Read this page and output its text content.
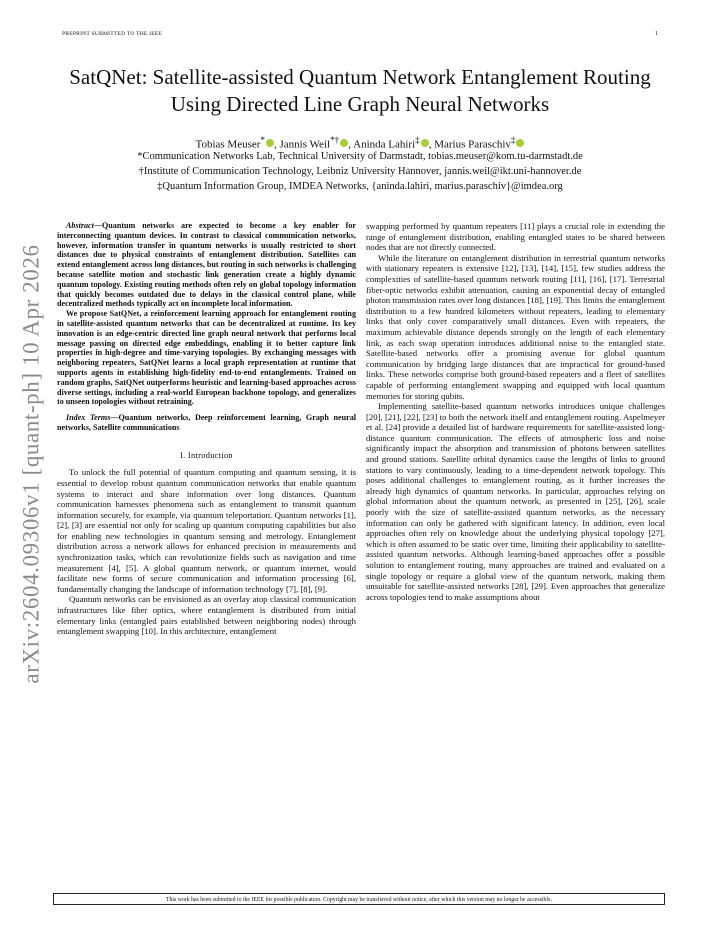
PREPRINT SUBMITTED TO THE IEEE	1
arXiv:2604.09306v1 [quant-ph] 10 Apr 2026
SatQNet: Satellite-assisted Quantum Network Entanglement Routing
Using Directed Line Graph Neural Networks
Tobias Meuser* , Jannis Weil*† , Aninda Lahiri‡ , Marius Paraschiv‡
*Communication Networks Lab, Technical University of Darmstadt, tobias.meuser@kom.tu-darmstadt.de
†Institute of Communication Technology, Leibniz University Hannover, jannis.weil@ikt.uni-hannover.de
‡Quantum Information Group, IMDEA Networks, {aninda.lahiri, marius.paraschiv}@imdea.org

Abstract—Quantum networks are expected to become a key enabler for interconnecting quantum devices. In contrast to classical communication networks, however, information transfer in quantum networks is usually restricted to short distances due to physical constraints of entanglement distribution. Satellites can extend entanglement across long distances, but routing in such networks is challenging because satellite motion and stochastic link generation create a highly dynamic quantum topology. Existing routing methods often rely on global topology information that quickly becomes outdated due to delays in the classical control plane, while decentralized methods typically act on incomplete local information.

We propose SatQNet, a reinforcement learning approach for entanglement routing in satellite-assisted quantum networks that can be decentralized at runtime. Its key innovation is an edge-centric directed line graph neural network that performs local message passing on directed edge embeddings, enabling it to better capture link properties in high-degree and time-varying topologies. By exchanging messages with neighboring repeaters, SatQNet learns a local graph representation at runtime that supports agents in establishing high-fidelity end-to-end entanglements. Trained on random graphs, SatQNet outperforms heuristic and learning-based approaches across diverse settings, including a real-world European backbone topology, and generalizes to unseen topologies without retraining.

Index Terms—Quantum networks, Deep reinforcement learning, Graph neural networks, Satellite communications

I. Introduction

To unlock the full potential of quantum computing and quantum sensing, it is essential to develop robust quantum communication networks that enable quantum systems to interact and share information over long distances. Quantum communication harnesses phenomena such as entanglement to transmit quantum information securely, for example, via quantum teleportation. Quantum networks [1], [2], [3] are essential not only for scaling up quantum computing capabilities but also for enabling new technologies in quantum sensing and metrology. Entanglement distribution across a network allows for enhanced precision in measurements and synchronization tasks, which can revolutionize fields such as navigation and time measurement [4], [5]. A global quantum network, or quantum internet, would facilitate new forms of secure communication and information processing [6], fundamentally changing the landscape of information technology [7], [8], [9].

Quantum networks can be envisioned as an overlay atop classical communication infrastructures like fiber optics, where entanglement is distributed from initial elementary links (entangled pairs established between neighboring nodes) through entanglement swapping [10]. In this architecture, entanglement

swapping performed by quantum repeaters [11] plays a crucial role in extending the range of entanglement distribution, enabling entangled states to be shared between nodes that are not directly connected.

While the literature on entanglement distribution in terrestrial quantum networks with stationary repeaters is extensive [12], [13], [14], [15], few studies address the complexities of satellite-based quantum network routing [11], [16], [17]. Terrestrial fiber-optic networks exhibit attenuation, causing an exponential decay of entangled photon transmission rates over long distances [18], [19]. This limits the entanglement distribution to a few hundred kilometers without repeaters, leading to elementary links that only cover comparatively small distances. Even with repeaters, the maximum achievable distance depends strongly on the length of each elementary link, as each swap operation introduces additional noise to the entangled state. Satellite-based networks offer a promising avenue for global quantum communication by bridging large distances that are impractical for ground-based links. These networks comprise both ground-based repeaters and a fleet of satellites capable of performing entanglement swapping and equipped with local quantum memories for storing qubits.

Implementing satellite-based quantum networks introduces unique challenges [20], [21], [22], [23] to both the network itself and entanglement routing. Aspelmeyer et al. [24] provide a detailed list of hardware requirements for satellite-assisted long-distance quantum communication. The effects of atmospheric loss and noise significantly impact the absorption and transmission of photons between satellites and ground stations. Satellite orbital dynamics cause the lengths of links to ground stations to vary continuously, leading to a time-dependent network topology. This poses additional challenges to entanglement routing, as it further increases the already high dynamics of quantum networks. In particular, approaches relying on global information about the quantum network, as presented in [25], [26], scale poorly with the size of satellite-assisted quantum networks, as the necessary information can only be gathered with significant latency. In addition, even local approaches often rely on knowledge about the underlying physical topology [27], which is often assumed to be static over time, limiting their applicability to satellite-assisted quantum networks. Although learning-based approaches offer a possible solution to entanglement routing, many approaches are trained and evaluated on a single topology or require a global view of the quantum network, making them unsuitable for satellite-assisted networks [28], [29]. Even approaches that generalize across topologies tend to make assumptions about

This work has been submitted to the IEEE for possible publication. Copyright may be transferred without notice, after which this version may no longer be accessible.
